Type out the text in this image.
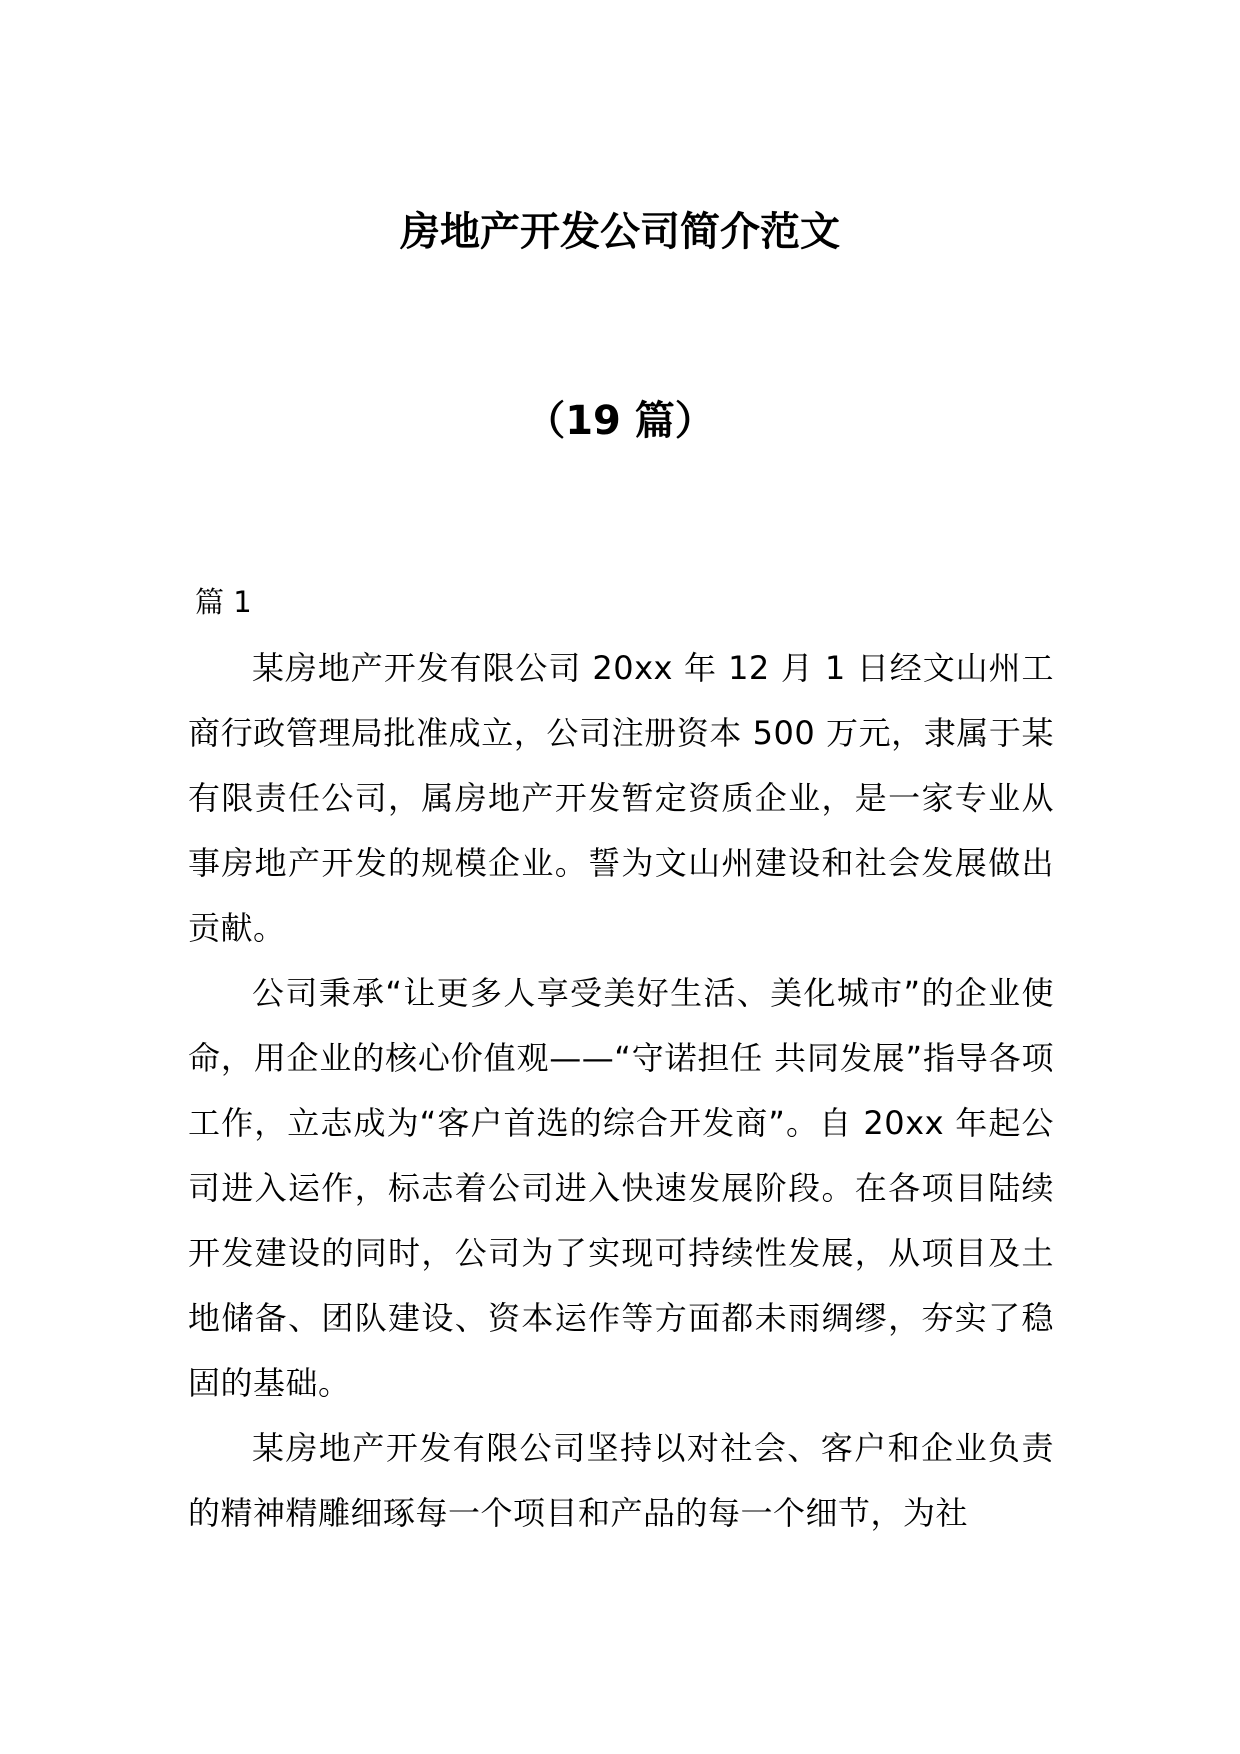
房地产开发公司简介范文
（19 篇）

篇 1

某房地产开发有限公司 20xx 年 12 月 1 日经文山州工商行政管理局批准成立，公司注册资本 500 万元，隶属于某有限责任公司，属房地产开发暂定资质企业，是一家专业从事房地产开发的规模企业。誓为文山州建设和社会发展做出贡献。

公司秉承“让更多人享受美好生活、美化城市”的企业使命，用企业的核心价值观——“守诺担任 共同发展”指导各项工作，立志成为“客户首选的综合开发商”。自 20xx 年起公司进入运作，标志着公司进入快速发展阶段。在各项目陆续开发建设的同时，公司为了实现可持续性发展，从项目及土地储备、团队建设、资本运作等方面都未雨绸缪，夯实了稳固的基础。

某房地产开发有限公司坚持以对社会、客户和企业负责的精神精雕细琢每一个项目和产品的每一个细节，为社
